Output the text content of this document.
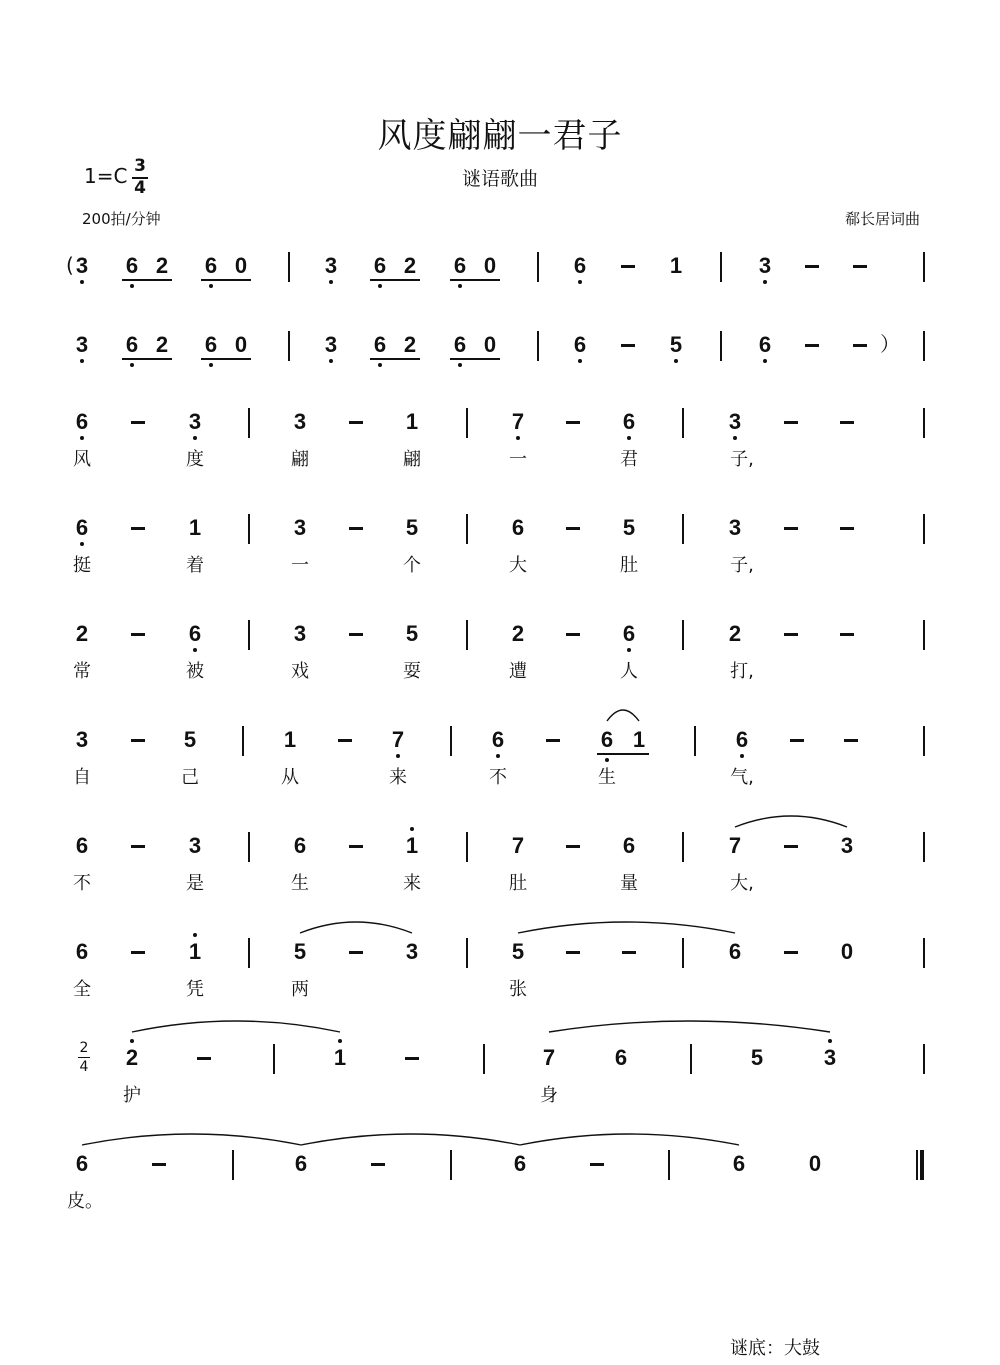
风度翩翩一君子
谜语歌曲
1=C 3
4
200拍/分钟	郗长居词曲
谜底：大鼓
3 6 2 6 0	3 6 2 6 0	6	1	3
3 6 2 6 0	3 6 2 6 0	6	5	6
6	3	3	1	7	6	3
风	度	翩	翩	一	君	子,
6	1	3	5	6	5	3
挺	着	一	个	大	肚	子,
2	6	3	5	2	6	2
常	被	戏	耍	遭	人	打,
3	5	1	7	6	6 1	6
自	己	从	来	不	生	气,
6	3	6	1	7	6	7	3
不	是	生	来	肚	量	大,
6	1	5	3	5	6	0
全	凭	两	张
2	1	7	6	5	3
护	身
6	6	6	6	0
皮。
(
）
2
4
